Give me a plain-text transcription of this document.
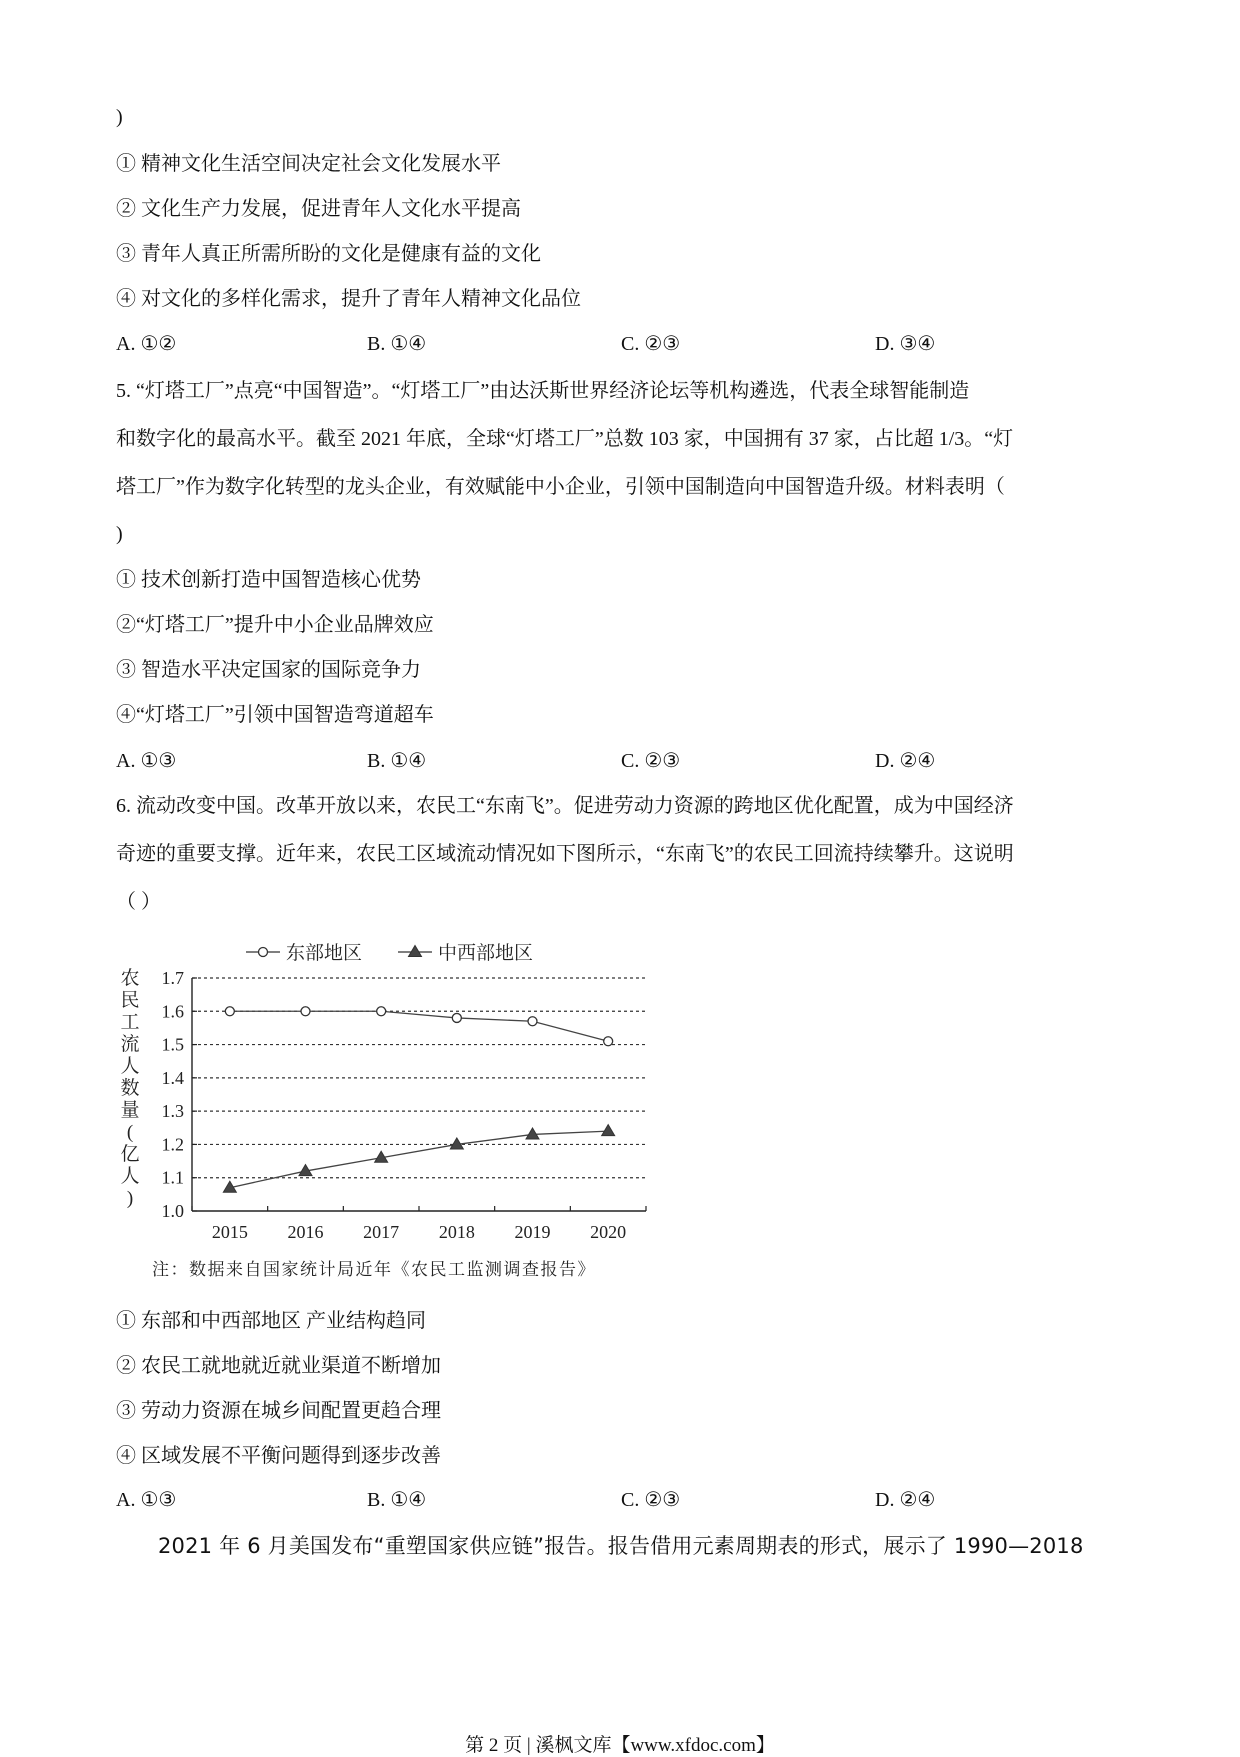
)
① 精神文化生活空间决定社会文化发展水平
② 文化生产力发展，促进青年人文化水平提高
③ 青年人真正所需所盼的文化是健康有益的文化
④ 对文化的多样化需求，提升了青年人精神文化品位
A. ①②	B. ①④	C. ②③	D. ③④
5. “灯塔工厂”点亮“中国智造”。“灯塔工厂”由达沃斯世界经济论坛等机构遴选，代表全球智能制造
和数字化的最高水平。截至 2021 年底，全球“灯塔工厂”总数 103 家，中国拥有 37 家，占比超 1/3。“灯
塔工厂”作为数字化转型的龙头企业，有效赋能中小企业，引领中国制造向中国智造升级。材料表明（
)
① 技术创新打造中国智造核心优势
②“灯塔工厂”提升中小企业品牌效应
③ 智造水平决定国家的国际竞争力
④“灯塔工厂”引领中国智造弯道超车
A. ①③	B. ①④	C. ②③	D. ②④
6. 流动改变中国。改革开放以来，农民工“东南飞”。促进劳动力资源的跨地区优化配置，成为中国经济
奇迹的重要支撑。近年来，农民工区域流动情况如下图所示，“东南飞”的农民工回流持续攀升。这说明
（ ）
1.0
1.1
1.2
1.3
1.4
1.5
1.6
1.7
2015 2016 2017 2018 2019 2020
农
民
工
流
人
数
量
(
亿
人
)
东部地区	中西部地区
注：数据来自国家统计局近年《农民工监测调查报告》
① 东部和中西部地区 产业结构趋同
② 农民工就地就近就业渠道不断增加
③ 劳动力资源在城乡间配置更趋合理
④ 区域发展不平衡问题得到逐步改善
A. ①③	B. ①④	C. ②③	D. ②④
2021 年 6 月美国发布“重塑国家供应链”报告。报告借用元素周期表的形式，展示了 1990—2018
第 2 页 | 溪枫文库【www.xfdoc.com】
